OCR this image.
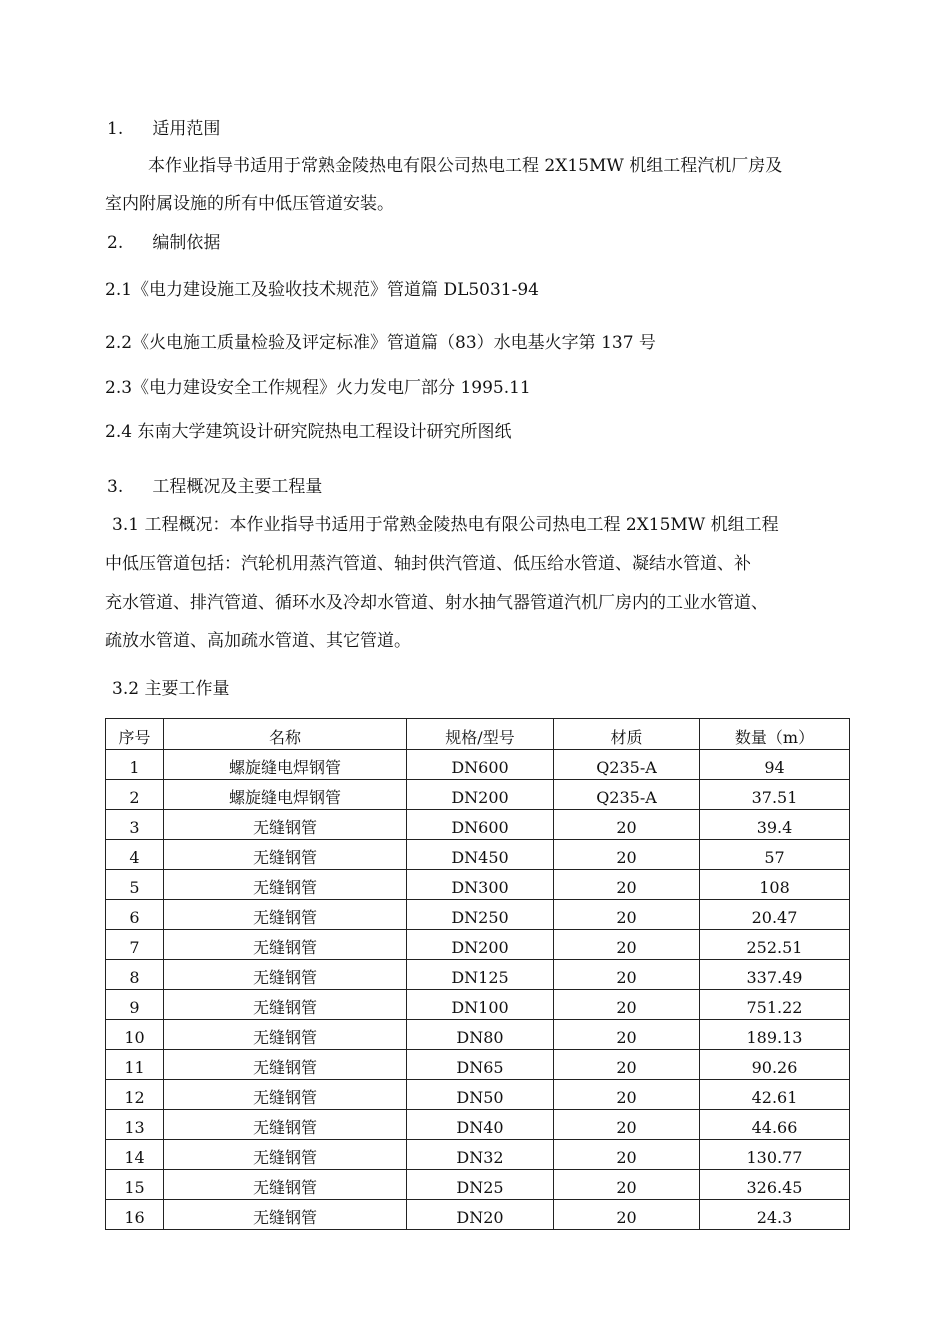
1. 适用范围
本作业指导书适用于常熟金陵热电有限公司热电工程 2X15MW 机组工程汽机厂房及
室内附属设施的所有中低压管道安装。
2. 编制依据
2.1《电力建设施工及验收技术规范》管道篇 DL5031-94
2.2《火电施工质量检验及评定标准》管道篇（83）水电基火字第 137 号
2.3《电力建设安全工作规程》火力发电厂部分 1995.11
2.4 东南大学建筑设计研究院热电工程设计研究所图纸
3. 工程概况及主要工程量
3.1 工程概况：本作业指导书适用于常熟金陵热电有限公司热电工程 2X15MW 机组工程
中低压管道包括：汽轮机用蒸汽管道、轴封供汽管道、低压给水管道、凝结水管道、补
充水管道、排汽管道、循环水及冷却水管道、射水抽气器管道汽机厂房内的工业水管道、
疏放水管道、高加疏水管道、其它管道。
3.2 主要工作量
序号	名称	规格/型号	材质	数量（m）
1	螺旋缝电焊钢管	DN600	Q235-A	94
2	螺旋缝电焊钢管	DN200	Q235-A	37.51
3	无缝钢管	DN600	20	39.4
4	无缝钢管	DN450	20	57
5	无缝钢管	DN300	20	108
6	无缝钢管	DN250	20	20.47
7	无缝钢管	DN200	20	252.51
8	无缝钢管	DN125	20	337.49
9	无缝钢管	DN100	20	751.22
10	无缝钢管	DN80	20	189.13
11	无缝钢管	DN65	20	90.26
12	无缝钢管	DN50	20	42.61
13	无缝钢管	DN40	20	44.66
14	无缝钢管	DN32	20	130.77
15	无缝钢管	DN25	20	326.45
16	无缝钢管	DN20	20	24.3
